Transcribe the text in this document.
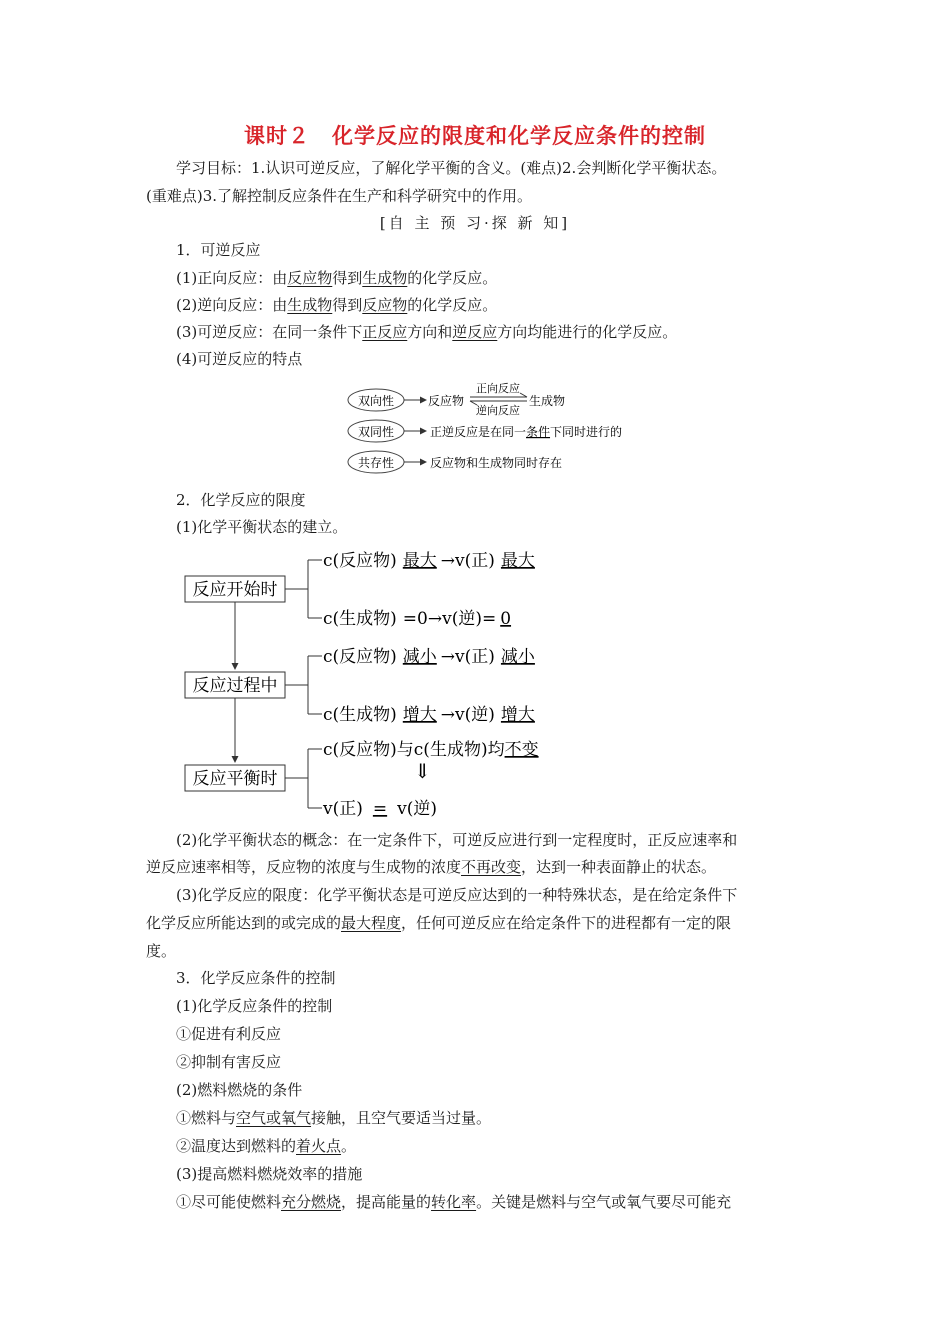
课时２　化学反应的限度和化学反应条件的控制
学习目标：1.认识可逆反应，了解化学平衡的含义。(难点)2.会判断化学平衡状态。
(重难点)3.了解控制反应条件在生产和科学研究中的作用。
[自 主 预 习·探 新 知]
1．可逆反应
(1)正向反应：由反应物得到生成物的化学反应。
(2)逆向反应：由生成物得到反应物的化学反应。
(3)可逆反应：在同一条件下正反应方向和逆反应方向均能进行的化学反应。
(4)可逆反应的特点
双向性	反应物
正向反应
逆向反应
生成物
双同性	正逆反应是在同一条件下同时进行的
共存性	反应物和生成物同时存在
2．化学反应的限度
(1)化学平衡状态的建立。
反应开始时
反应过程中
反应平衡时
c(反应物) 最大 →v(正) 最大
c(生成物) =0→v(逆)= 0
c(反应物) 减小 →v(正) 减小
c(生成物) 增大 →v(逆) 增大
c(反应物)与c(生成物)均不变
⇓
v(正) = v(逆)
(2)化学平衡状态的概念：在一定条件下，可逆反应进行到一定程度时，正反应速率和
逆反应速率相等，反应物的浓度与生成物的浓度不再改变，达到一种表面静止的状态。
(3)化学反应的限度：化学平衡状态是可逆反应达到的一种特殊状态，是在给定条件下
化学反应所能达到的或完成的最大程度，任何可逆反应在给定条件下的进程都有一定的限
度。
3．化学反应条件的控制
(1)化学反应条件的控制
①促进有利反应
②抑制有害反应
(2)燃料燃烧的条件
①燃料与空气或氧气接触，且空气要适当过量。
②温度达到燃料的着火点。
(3)提高燃料燃烧效率的措施
①尽可能使燃料充分燃烧，提高能量的转化率。关键是燃料与空气或氧气要尽可能充
